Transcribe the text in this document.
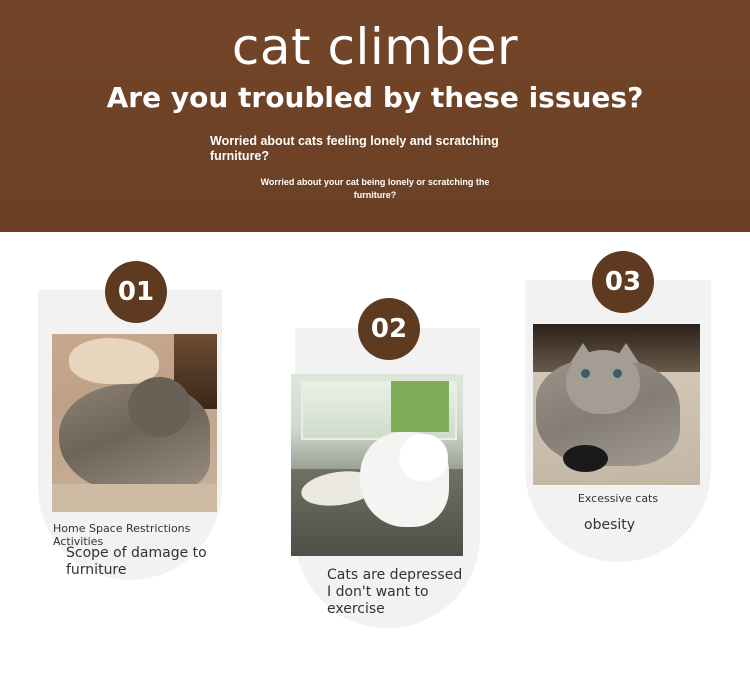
cat climber
Are you troubled by these issues?
Worried about cats feeling lonely and scratching furniture?
Worried about your cat being lonely or scratching the furniture?
01
Home Space Restrictions Activities
Scope of damage to furniture
02
Cats are depressed I don't want to exercise
03
Excessive cats
obesity
